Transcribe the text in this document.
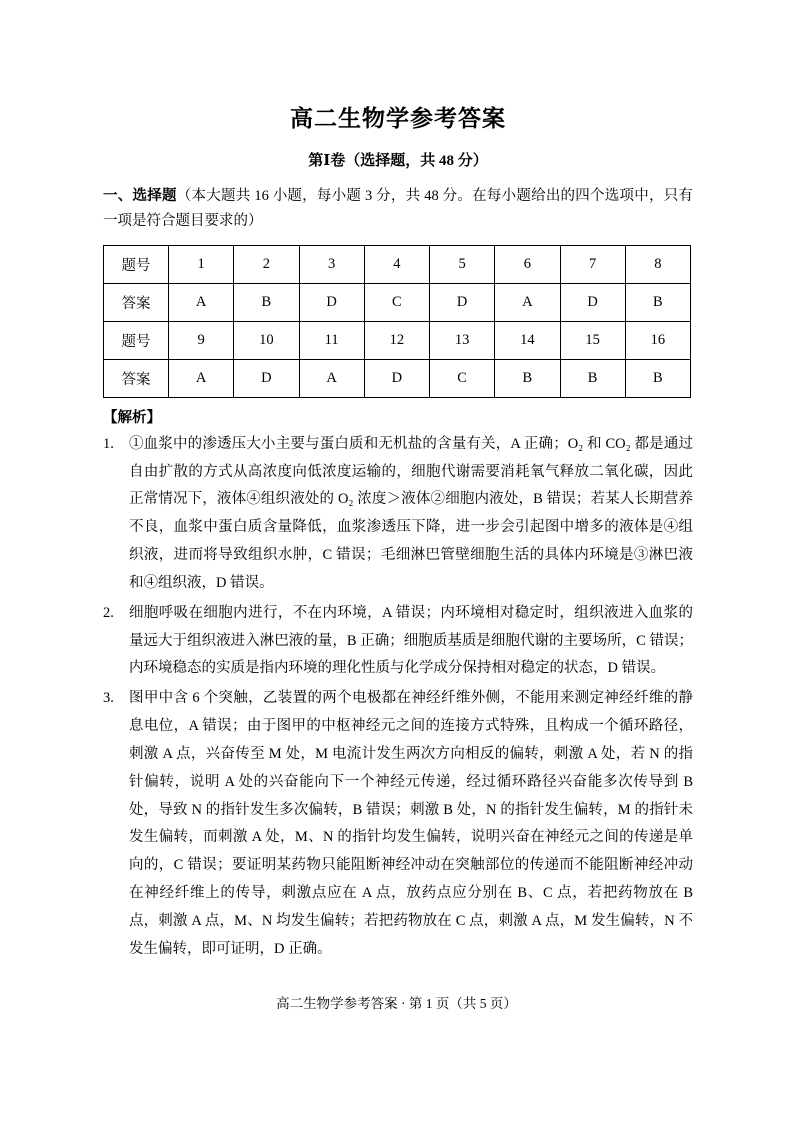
高二生物学参考答案
第Ⅰ卷（选择题，共 48 分）

一、选择题（本大题共 16 小题，每小题 3 分，共 48 分。在每小题给出的四个选项中，只有一项是符合题目要求的）

题号	1	2	3	4	5	6	7	8
答案	A	B	D	C	D	A	D	B
题号	9	10	11	12	13	14	15	16
答案	A	D	A	D	C	B	B	B
【解析】
1.	①血浆中的渗透压大小主要与蛋白质和无机盐的含量有关，A 正确；O₂ 和 CO₂ 都是通过自由扩散的方式从高浓度向低浓度运输的，细胞代谢需要消耗氧气释放二氧化碳，因此正常情况下，液体④组织液处的 O₂ 浓度＞液体②细胞内液处，B 错误；若某人长期营养不良，血浆中蛋白质含量降低，血浆渗透压下降，进一步会引起图中增多的液体是④组织液，进而将导致组织水肿，C 错误；毛细淋巴管壁细胞生活的具体内环境是③淋巴液和④组织液，D 错误。
2.	细胞呼吸在细胞内进行，不在内环境，A 错误；内环境相对稳定时，组织液进入血浆的量远大于组织液进入淋巴液的量，B 正确；细胞质基质是细胞代谢的主要场所，C 错误；内环境稳态的实质是指内环境的理化性质与化学成分保持相对稳定的状态，D 错误。
3.	图甲中含 6 个突触，乙装置的两个电极都在神经纤维外侧，不能用来测定神经纤维的静息电位，A 错误；由于图甲的中枢神经元之间的连接方式特殊，且构成一个循环路径，刺激 A 点，兴奋传至 M 处，M 电流计发生两次方向相反的偏转，刺激 A 处，若 N 的指针偏转，说明 A 处的兴奋能向下一个神经元传递，经过循环路径兴奋能多次传导到 B 处，导致 N 的指针发生多次偏转，B 错误；刺激 B 处，N 的指针发生偏转，M 的指针未发生偏转，而刺激 A 处，M、N 的指针均发生偏转，说明兴奋在神经元之间的传递是单向的，C 错误；要证明某药物只能阻断神经冲动在突触部位的传递而不能阻断神经冲动在神经纤维上的传导，刺激点应在 A 点，放药点应分别在 B、C 点，若把药物放在 B 点，刺激 A 点，M、N 均发生偏转；若把药物放在 C 点，刺激 A 点，M 发生偏转，N 不发生偏转，即可证明，D 正确。
高二生物学参考答案 · 第 1 页（共 5 页）
